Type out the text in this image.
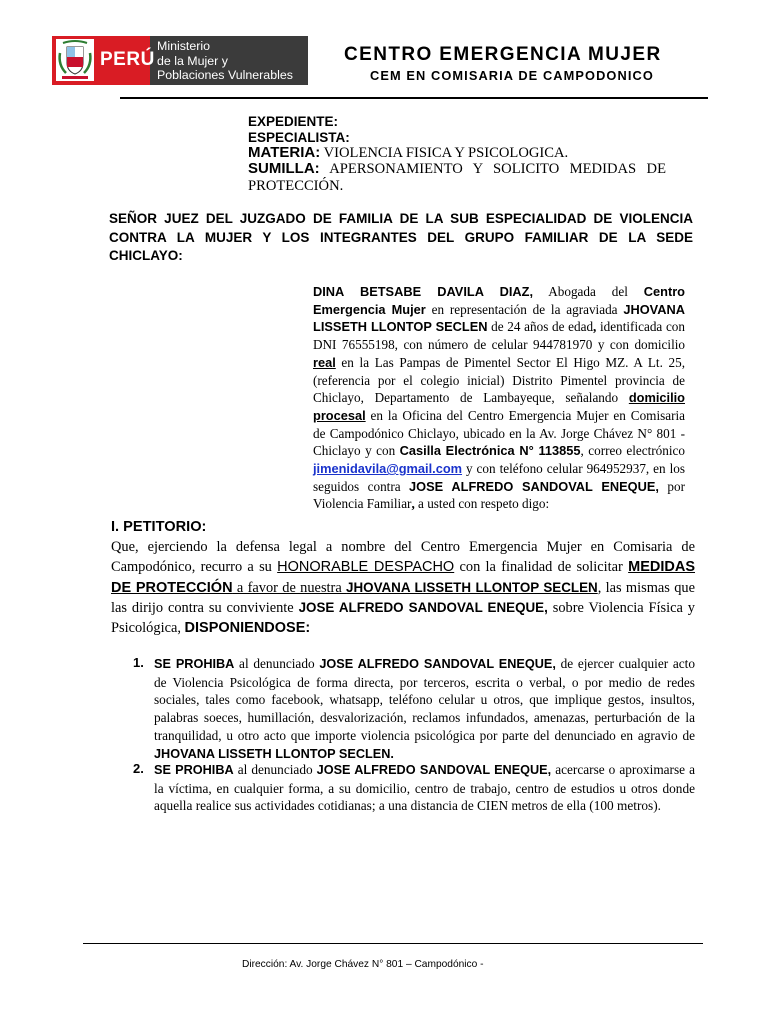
PERÚ
Ministerio
de la Mujer y
Poblaciones Vulnerables
CENTRO EMERGENCIA MUJER
CEM EN COMISARIA DE CAMPODONICO
EXPEDIENTE:
ESPECIALISTA:
MATERIA: VIOLENCIA FISICA Y PSICOLOGICA.
SUMILLA: APERSONAMIENTO Y SOLICITO MEDIDAS DE PROTECCIÓN.
SEÑOR JUEZ DEL JUZGADO DE FAMILIA DE LA SUB ESPECIALIDAD DE VIOLENCIA CONTRA LA MUJER Y LOS INTEGRANTES DEL GRUPO FAMILIAR DE LA SEDE CHICLAYO:
DINA BETSABE DAVILA DIAZ, Abogada del Centro Emergencia Mujer en representación de la agraviada JHOVANA LISSETH LLONTOP SECLEN de 24 años de edad, identificada con DNI 76555198, con número de celular 944781970 y con domicilio real en la Las Pampas de Pimentel Sector El Higo MZ. A Lt. 25, (referencia por el colegio inicial) Distrito Pimentel provincia de Chiclayo, Departamento de Lambayeque, señalando domicilio procesal en la Oficina del Centro Emergencia Mujer en Comisaria de Campodónico Chiclayo, ubicado en la Av. Jorge Chávez N° 801 - Chiclayo y con Casilla Electrónica N° 113855, correo electrónico jimenidavila@gmail.com y con teléfono celular 964952937, en los seguidos contra JOSE ALFREDO SANDOVAL ENEQUE, por Violencia Familiar, a usted con respeto digo:
I. PETITORIO:
Que, ejerciendo la defensa legal a nombre del Centro Emergencia Mujer en Comisaria de Campodónico, recurro a su HONORABLE DESPACHO con la finalidad de solicitar MEDIDAS DE PROTECCIÓN a favor de nuestra JHOVANA LISSETH LLONTOP SECLEN, las mismas que las dirijo contra su conviviente JOSE ALFREDO SANDOVAL ENEQUE, sobre Violencia Física y Psicológica, DISPONIENDOSE:
1. SE PROHIBA al denunciado JOSE ALFREDO SANDOVAL ENEQUE, de ejercer cualquier acto de Violencia Psicológica de forma directa, por terceros, escrita o verbal, o por medio de redes sociales, tales como facebook, whatsapp, teléfono celular u otros, que implique gestos, insultos, palabras soeces, humillación, desvalorización, reclamos infundados, amenazas, perturbación de la tranquilidad, u otro acto que importe violencia psicológica por parte del denunciado en agravio de JHOVANA LISSETH LLONTOP SECLEN.
2. SE PROHIBA al denunciado JOSE ALFREDO SANDOVAL ENEQUE, acercarse o aproximarse a la víctima, en cualquier forma, a su domicilio, centro de trabajo, centro de estudios u otros donde aquella realice sus actividades cotidianas; a una distancia de CIEN metros de ella (100 metros).
Dirección: Av. Jorge Chávez N° 801 – Campodónico -
